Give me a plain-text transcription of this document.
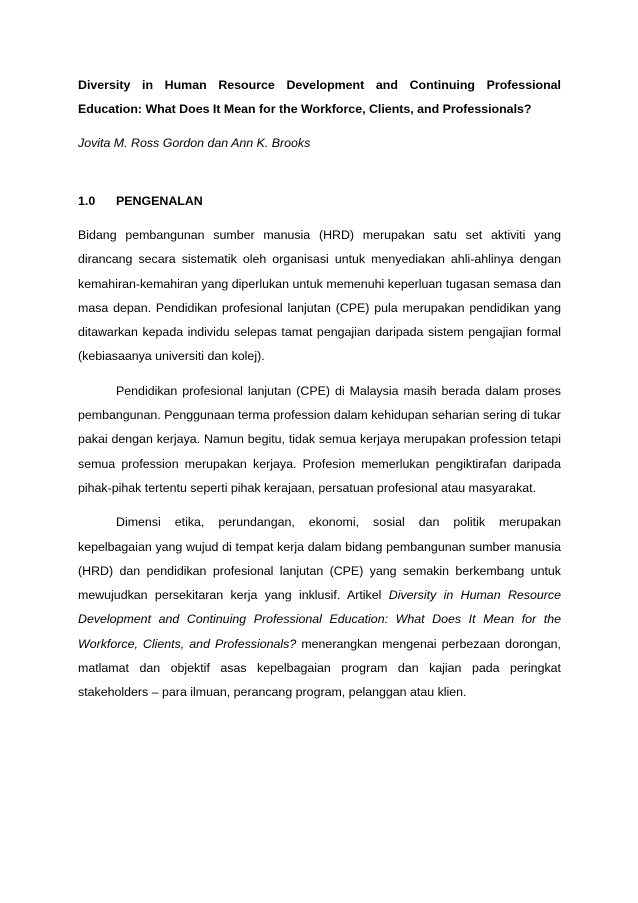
Diversity in Human Resource Development and Continuing Professional Education: What Does It Mean for the Workforce, Clients, and Professionals?

Jovita M. Ross Gordon dan Ann K. Brooks

1.0	PENGENALAN

Bidang pembangunan sumber manusia (HRD) merupakan satu set aktiviti yang dirancang secara sistematik oleh organisasi untuk menyediakan ahli-ahlinya dengan kemahiran-kemahiran yang diperlukan untuk memenuhi keperluan tugasan semasa dan masa depan. Pendidikan profesional lanjutan (CPE) pula merupakan pendidikan yang ditawarkan kepada individu selepas tamat pengajian daripada sistem pengajian formal (kebiasaanya universiti dan kolej).

Pendidikan profesional lanjutan (CPE) di Malaysia masih berada dalam proses pembangunan. Penggunaan terma profession dalam kehidupan seharian sering di tukar pakai dengan kerjaya. Namun begitu, tidak semua kerjaya merupakan profession tetapi semua profession merupakan kerjaya. Profesion memerlukan pengiktirafan daripada pihak-pihak tertentu seperti pihak kerajaan, persatuan profesional atau masyarakat.

Dimensi etika, perundangan, ekonomi, sosial dan politik merupakan kepelbagaian yang wujud di tempat kerja dalam bidang pembangunan sumber manusia (HRD) dan pendidikan profesional lanjutan (CPE) yang semakin berkembang untuk mewujudkan persekitaran kerja yang inklusif. Artikel Diversity in Human Resource Development and Continuing Professional Education: What Does It Mean for the Workforce, Clients, and Professionals? menerangkan mengenai perbezaan dorongan, matlamat dan objektif asas kepelbagaian program dan kajian pada peringkat stakeholders – para ilmuan, perancang program, pelanggan atau klien.
